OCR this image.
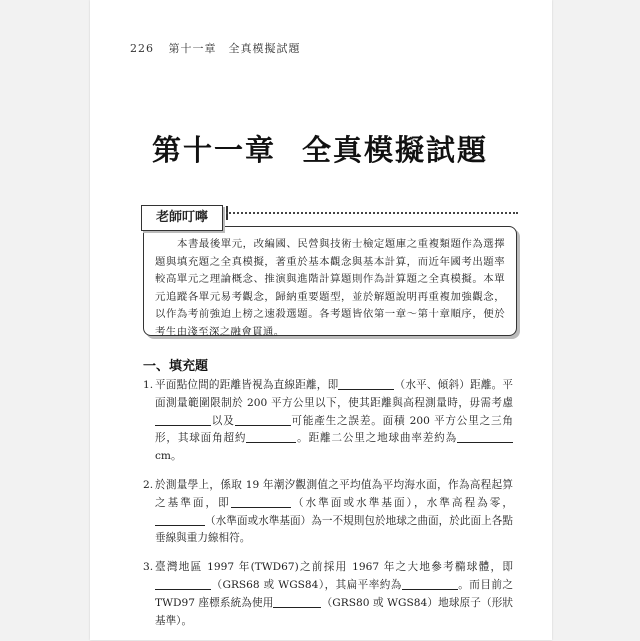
226 第十一章　全真模擬試題
第十一章 全真模擬試題
老師叮嚀
本書最後單元，改編國、民營與技術士檢定題庫之重複類題作為選擇題與填充題之全真模擬，著重於基本觀念與基本計算，而近年國考出題率較高單元之理論概念、推演與進階計算題則作為計算題之全真模擬。本單元追蹤各單元易考觀念，歸納重要題型，並於解題說明再重複加強觀念，以作為考前強迫上榜之速殺選題。各考題皆依第一章～第十章順序，便於考生由淺至深之融會貫通。
一、填充題
1. 平面點位間的距離皆視為直線距離，即	（水平、傾斜）距離。平面測量範圍限制於 200 平方公里以下，使其距離與高程測量時，毋需考慮以及	可能產生之誤差。面積 200 平方公里之三角形，其球面角超約	。距離二公里之地球曲率差約為cm。
2. 於測量學上，係取 19 年潮汐觀測值之平均值為平均海水面，作為高程起算之基準面，即	（水準面或水準基面），水準高程為零，（水準面或水準基面）為一不規則包於地球之曲面，於此面上各點垂線與重力線相符。
3. 臺灣地區 1997 年(TWD67)之前採用 1967 年之大地參考橢球體，即（GRS68 或 WGS84），其扁平率約為	。而目前之 TWD97 座標系統為使用	（GRS80 或 WGS84）地球原子（形狀基準）。
